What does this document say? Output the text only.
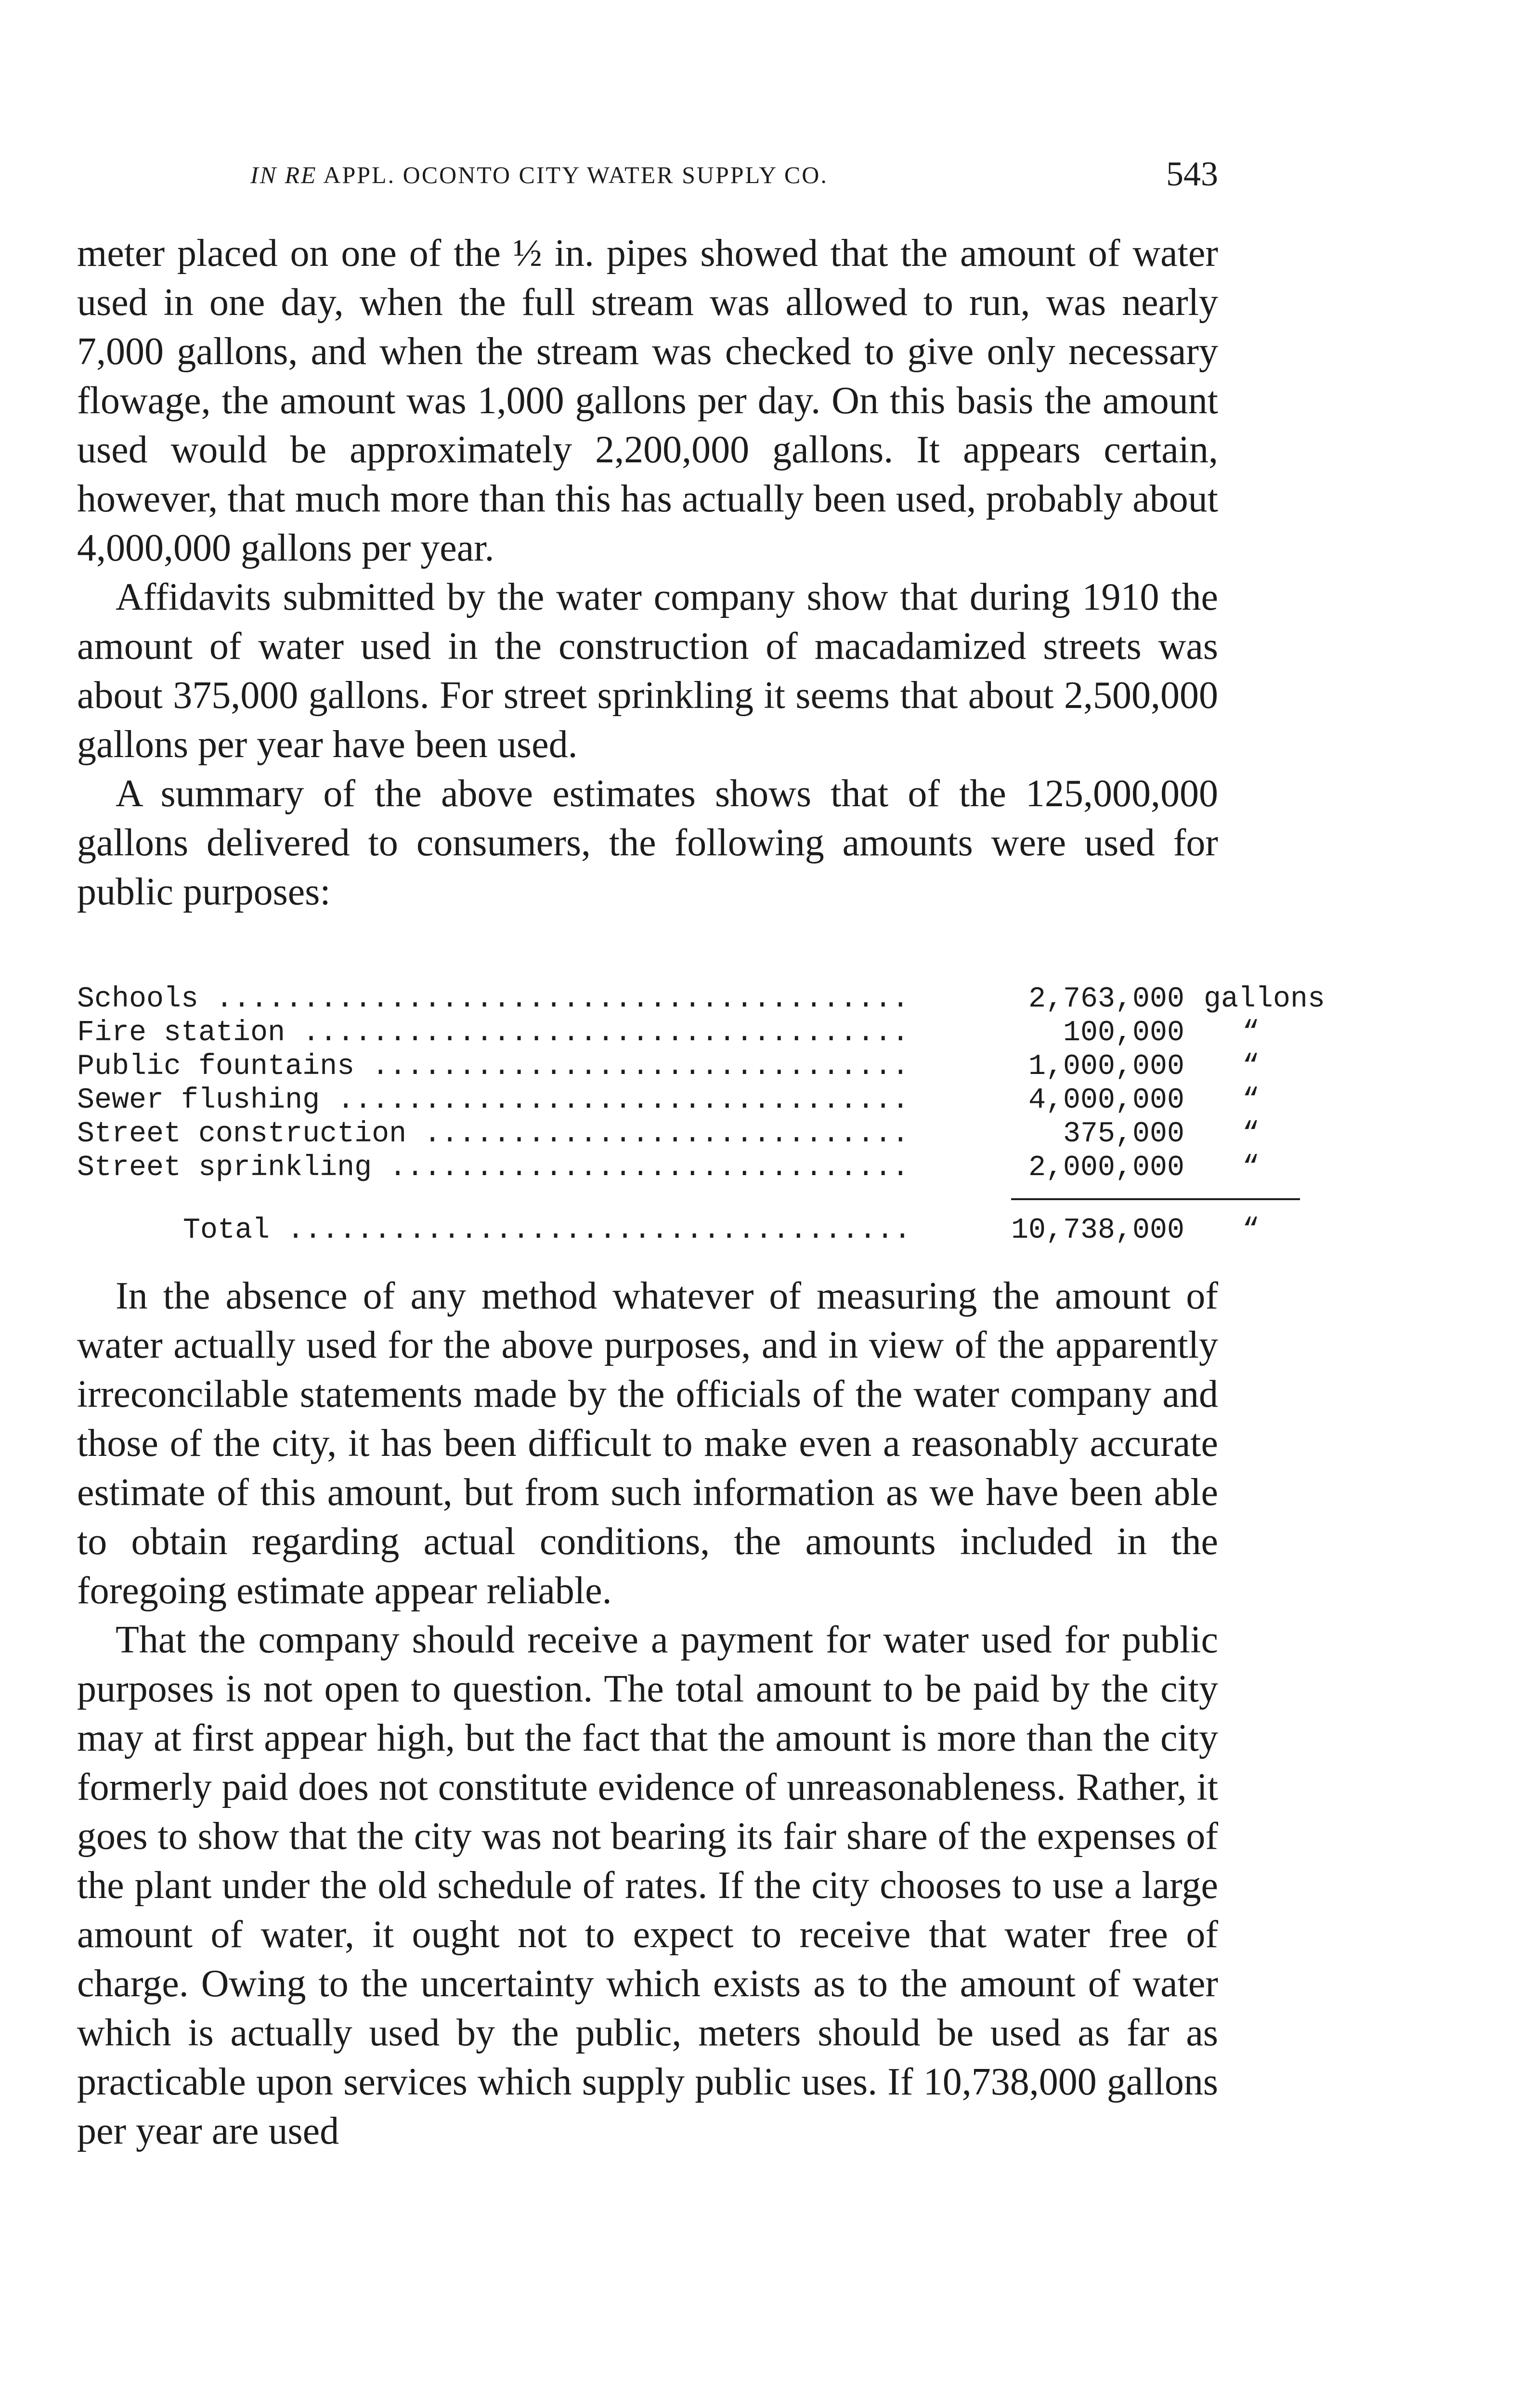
IN RE APPL. OCONTO CITY WATER SUPPLY CO.	543

meter placed on one of the ½ in. pipes showed that the amount of water used in one day, when the full stream was allowed to run, was nearly 7,000 gallons, and when the stream was checked to give only necessary flowage, the amount was 1,000 gallons per day. On this basis the amount used would be approximately 2,200,000 gallons. It appears certain, however, that much more than this has actually been used, probably about 4,000,000 gallons per year.

Affidavits submitted by the water company show that during 1910 the amount of water used in the construction of macadamized streets was about 375,000 gallons. For street sprinkling it seems that about 2,500,000 gallons per year have been used.

A summary of the above estimates shows that of the 125,000,000 gallons delivered to consumers, the following amounts were used for public purposes:

Schools .....	2,763,000 gallons
Fire station .....	100,000 “
Public fountains .....	1,000,000 “
Sewer flushing .....	4,000,000 “
Street construction .....	375,000 “
Street sprinkling .....	2,000,000 “
Total .....	10,738,000 “

In the absence of any method whatever of measuring the amount of water actually used for the above purposes, and in view of the apparently irreconcilable statements made by the officials of the water company and those of the city, it has been difficult to make even a reasonably accurate estimate of this amount, but from such information as we have been able to obtain regarding actual conditions, the amounts included in the foregoing estimate appear reliable.

That the company should receive a payment for water used for public purposes is not open to question. The total amount to be paid by the city may at first appear high, but the fact that the amount is more than the city formerly paid does not constitute evidence of unreasonableness. Rather, it goes to show that the city was not bearing its fair share of the expenses of the plant under the old schedule of rates. If the city chooses to use a large amount of water, it ought not to expect to receive that water free of charge. Owing to the uncertainty which exists as to the amount of water which is actually used by the public, meters should be used as far as practicable upon services which supply public uses. If 10,738,000 gallons per year are used
